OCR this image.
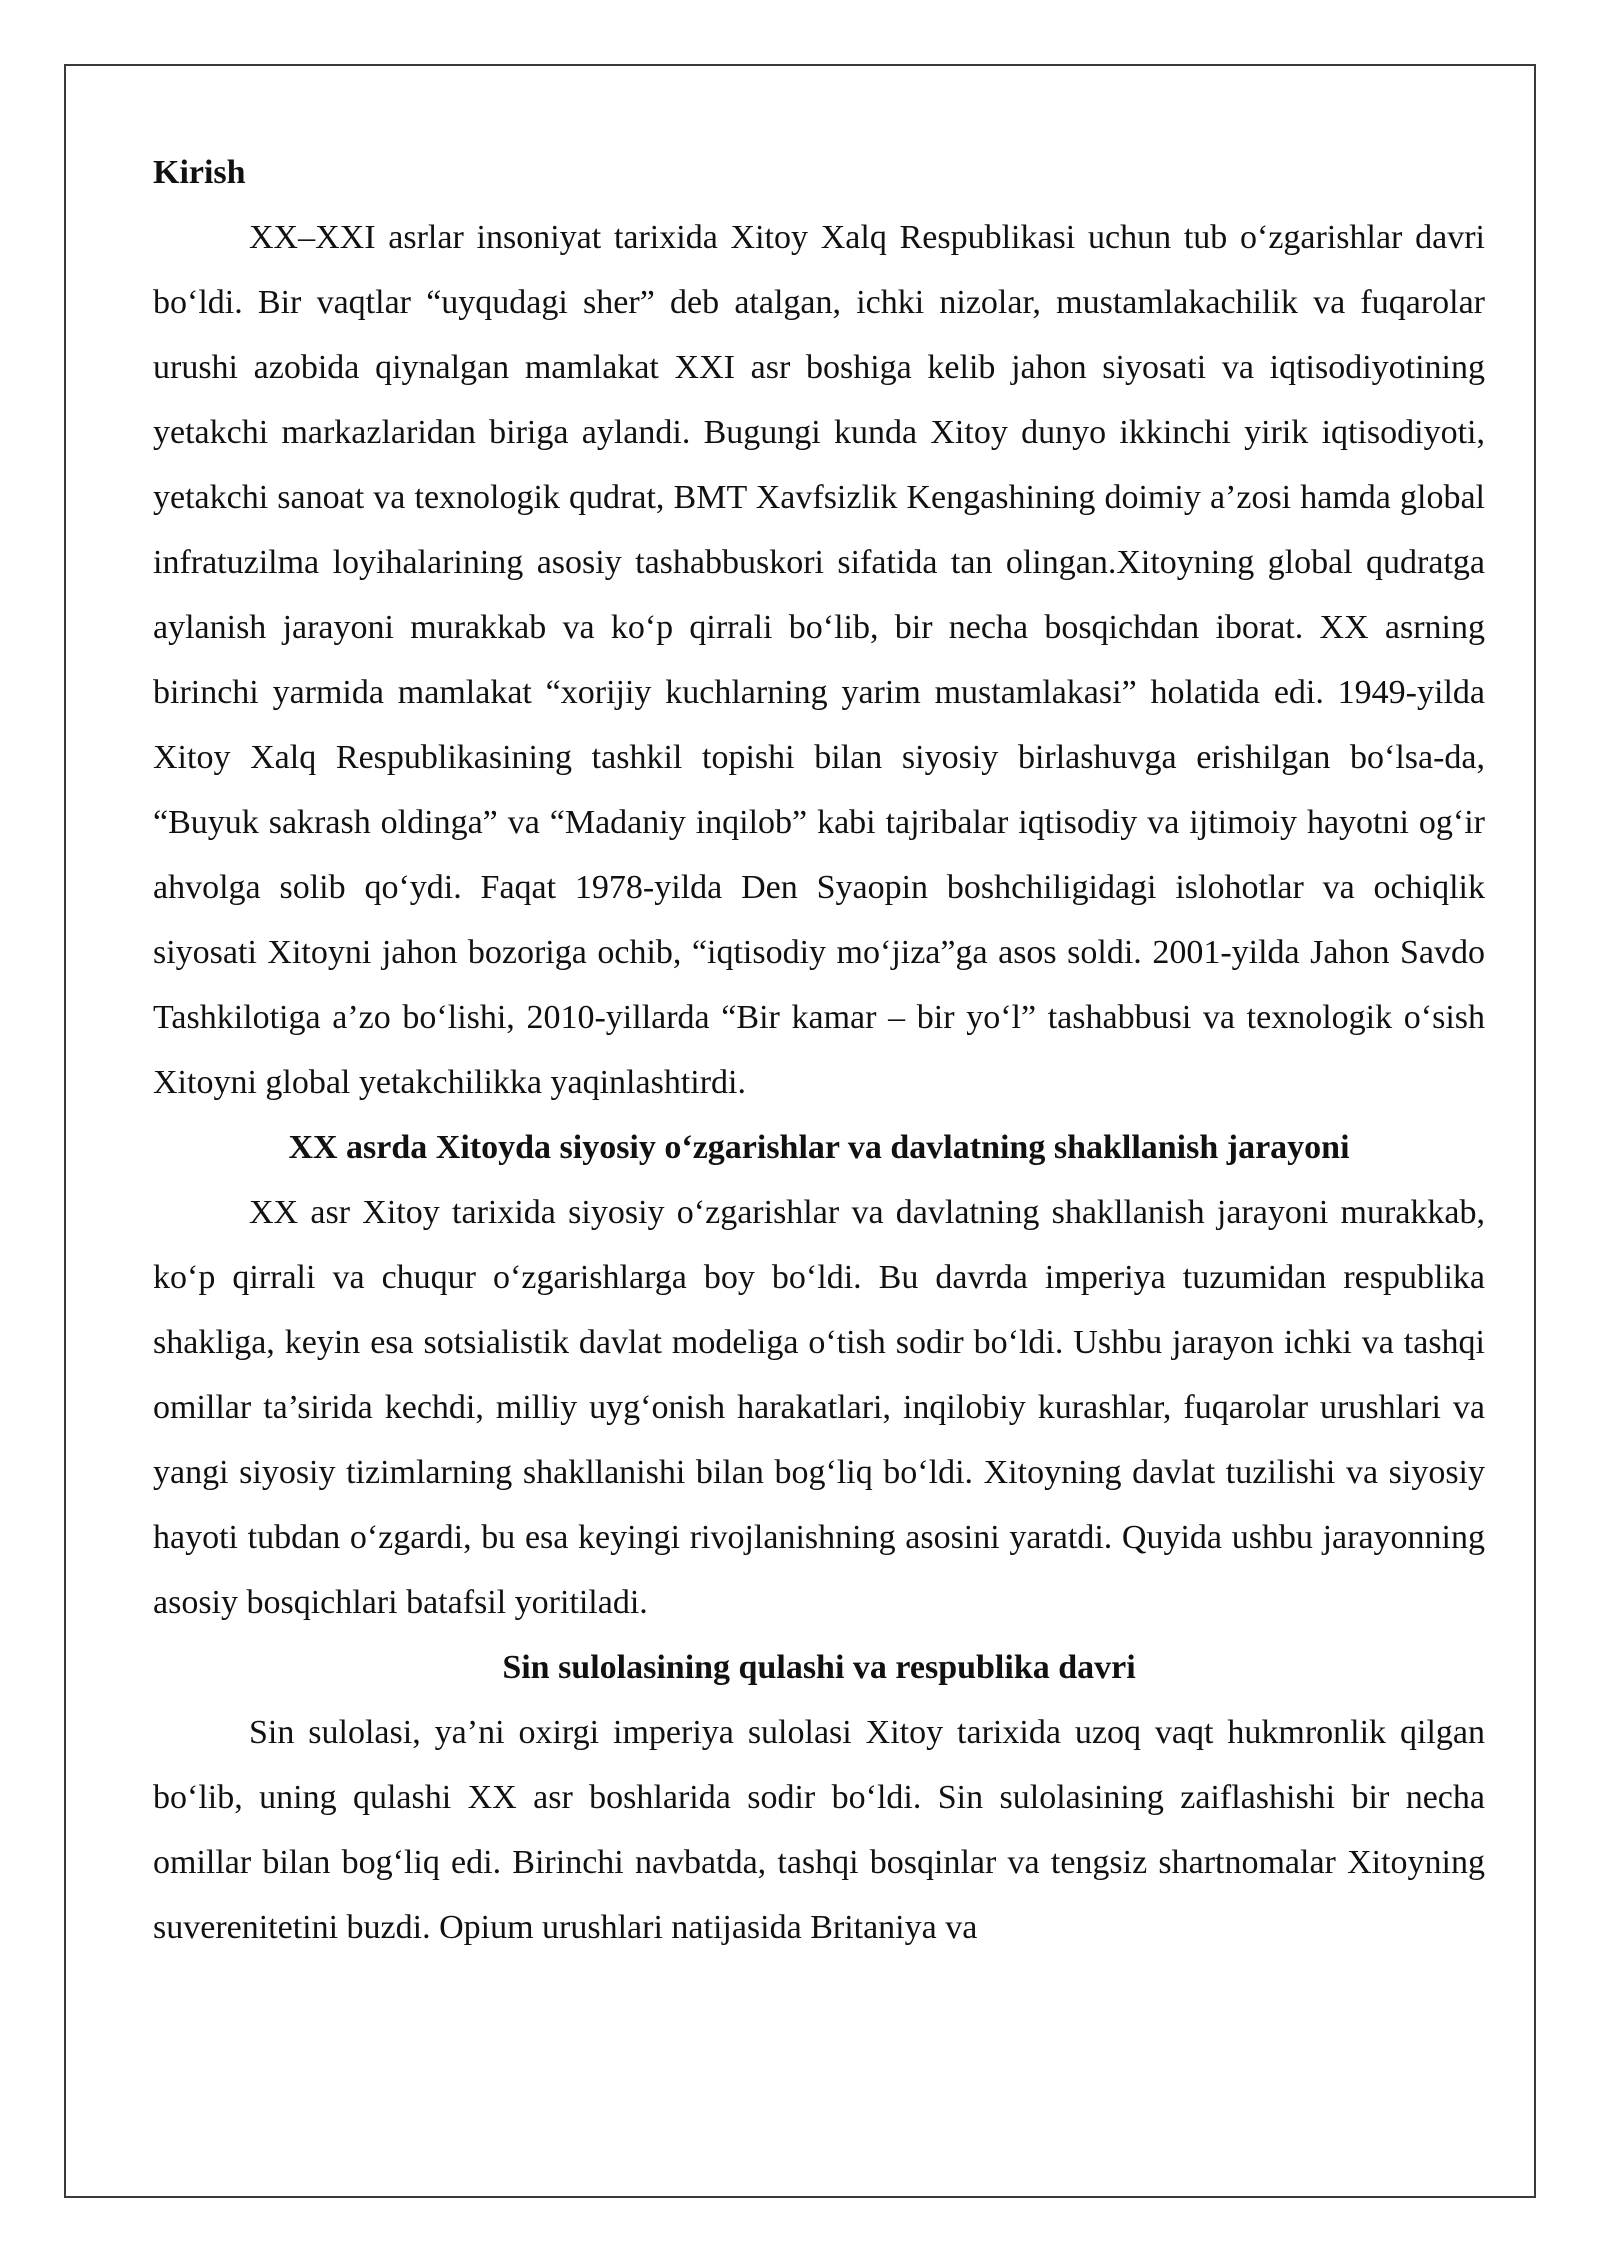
Kirish

XX–XXI asrlar insoniyat tarixida Xitoy Xalq Respublikasi uchun tub oʻzgarishlar davri boʻldi. Bir vaqtlar “uyqudagi sher” deb atalgan, ichki nizolar, mustamlakachilik va fuqarolar urushi azobida qiynalgan mamlakat XXI asr boshiga kelib jahon siyosati va iqtisodiyotining yetakchi markazlaridan biriga aylandi. Bugungi kunda Xitoy dunyo ikkinchi yirik iqtisodiyoti, yetakchi sanoat va texnologik qudrat, BMT Xavfsizlik Kengashining doimiy a’zosi hamda global infratuzilma loyihalarining asosiy tashabbuskori sifatida tan olingan.Xitoyning global qudratga aylanish jarayoni murakkab va koʻp qirrali boʻlib, bir necha bosqichdan iborat. XX asrning birinchi yarmida mamlakat “xorijiy kuchlarning yarim mustamlakasi” holatida edi. 1949-yilda Xitoy Xalq Respublikasining tashkil topishi bilan siyosiy birlashuvga erishilgan boʻlsa-da, “Buyuk sakrash oldinga” va “Madaniy inqilob” kabi tajribalar iqtisodiy va ijtimoiy hayotni ogʻir ahvolga solib qoʻydi. Faqat 1978-yilda Den Syaopin boshchiligidagi islohotlar va ochiqlik siyosati Xitoyni jahon bozoriga ochib, “iqtisodiy moʻjiza”ga asos soldi. 2001-yilda Jahon Savdo Tashkilotiga a’zo boʻlishi, 2010-yillarda “Bir kamar – bir yoʻl” tashabbusi va texnologik oʻsish Xitoyni global yetakchilikka yaqinlashtirdi.

XX asrda Xitoyda siyosiy oʻzgarishlar va davlatning shakllanish jarayoni

XX asr Xitoy tarixida siyosiy oʻzgarishlar va davlatning shakllanish jarayoni murakkab, koʻp qirrali va chuqur oʻzgarishlarga boy boʻldi. Bu davrda imperiya tuzumidan respublika shakliga, keyin esa sotsialistik davlat modeliga oʻtish sodir boʻldi. Ushbu jarayon ichki va tashqi omillar ta’sirida kechdi, milliy uygʻonish harakatlari, inqilobiy kurashlar, fuqarolar urushlari va yangi siyosiy tizimlarning shakllanishi bilan bogʻliq boʻldi. Xitoyning davlat tuzilishi va siyosiy hayoti tubdan oʻzgardi, bu esa keyingi rivojlanishning asosini yaratdi. Quyida ushbu jarayonning asosiy bosqichlari batafsil yoritiladi.

Sin sulolasining qulashi va respublika davri

Sin sulolasi, ya’ni oxirgi imperiya sulolasi Xitoy tarixida uzoq vaqt hukmronlik qilgan boʻlib, uning qulashi XX asr boshlarida sodir boʻldi. Sin sulolasining zaiflashishi bir necha omillar bilan bogʻliq edi. Birinchi navbatda, tashqi bosqinlar va tengsiz shartnomalar Xitoyning suverenitetini buzdi. Opium urushlari natijasida Britaniya va
